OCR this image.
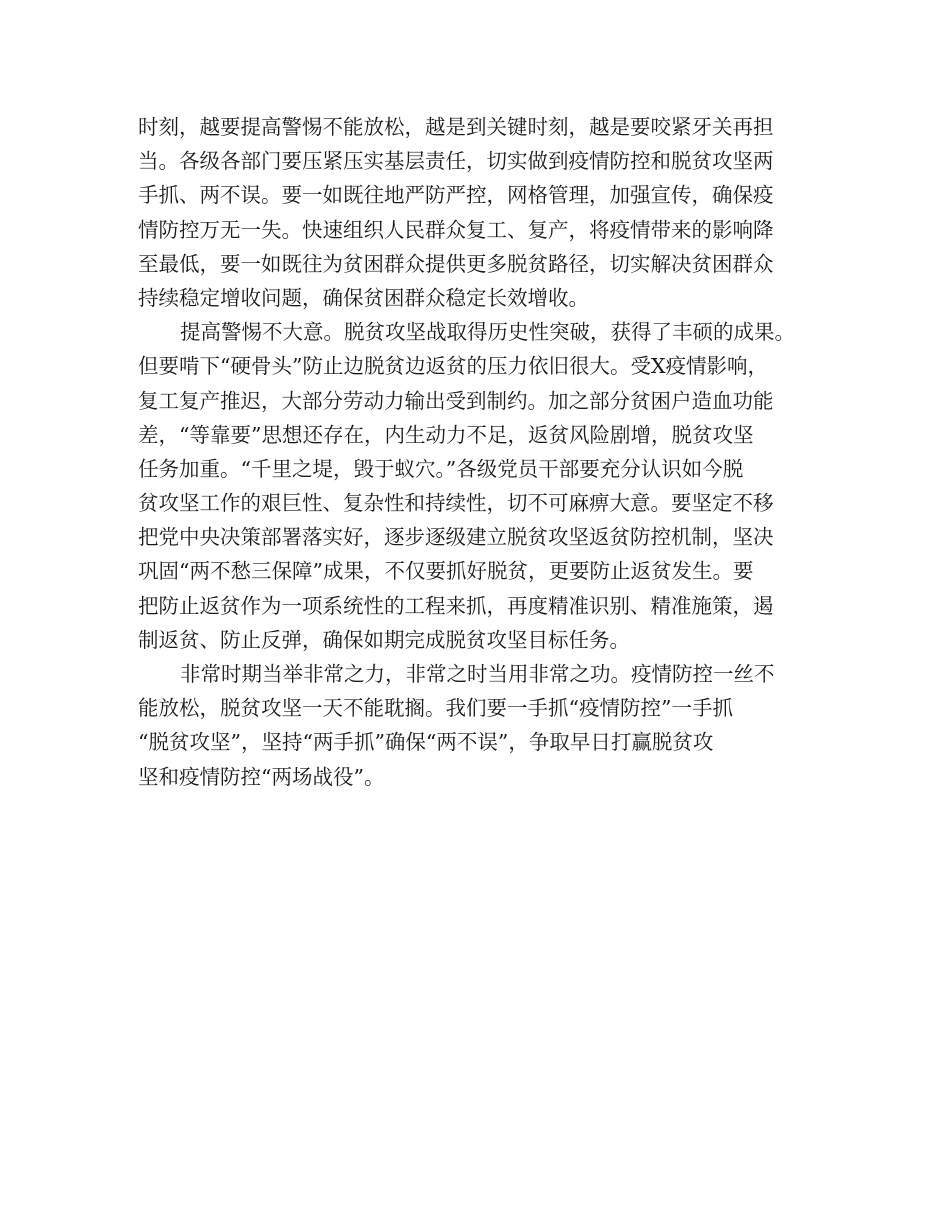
时刻，越要提高警惕不能放松，越是到关键时刻，越是要咬紧牙关再担
当。各级各部门要压紧压实基层责任，切实做到疫情防控和脱贫攻坚两
手抓、两不误。要一如既往地严防严控，网格管理，加强宣传，确保疫
情防控万无一失。快速组织人民群众复工、复产，将疫情带来的影响降
至最低，要一如既往为贫困群众提供更多脱贫路径，切实解决贫困群众
持续稳定增收问题，确保贫困群众稳定长效增收。
提高警惕不大意。脱贫攻坚战取得历史性突破，获得了丰硕的成果。
但要啃下“硬骨头”防止边脱贫边返贫的压力依旧很大。受X疫情影响，
复工复产推迟，大部分劳动力输出受到制约。加之部分贫困户造血功能
差，“等靠要”思想还存在，内生动力不足，返贫风险剧增，脱贫攻坚
任务加重。“千里之堤，毁于蚁穴。”各级党员干部要充分认识如今脱
贫攻坚工作的艰巨性、复杂性和持续性，切不可麻痹大意。要坚定不移
把党中央决策部署落实好，逐步逐级建立脱贫攻坚返贫防控机制，坚决
巩固“两不愁三保障”成果，不仅要抓好脱贫，更要防止返贫发生。要
把防止返贫作为一项系统性的工程来抓，再度精准识别、精准施策，遏
制返贫、防止反弹，确保如期完成脱贫攻坚目标任务。
非常时期当举非常之力，非常之时当用非常之功。疫情防控一丝不
能放松，脱贫攻坚一天不能耽搁。我们要一手抓“疫情防控”一手抓
“脱贫攻坚”，坚持“两手抓”确保“两不误”，争取早日打赢脱贫攻
坚和疫情防控“两场战役”。
